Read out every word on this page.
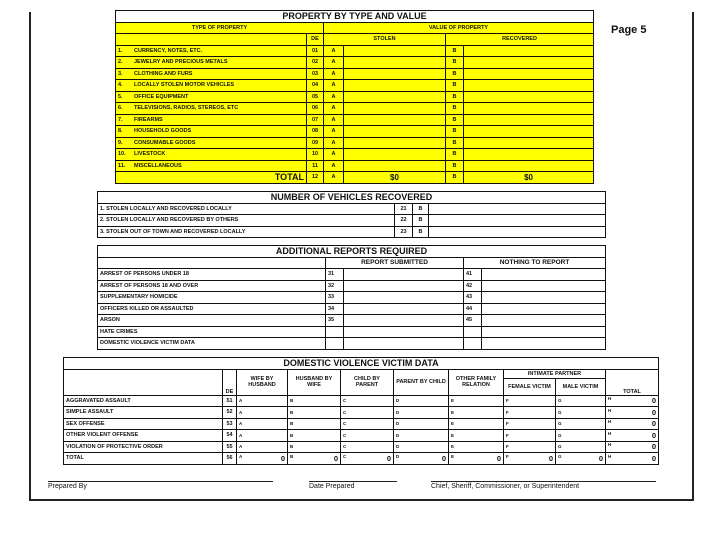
Page 5
PROPERTY BY TYPE AND VALUE					
TYPE OF PROPERTY		VALUE OF PROPERTY			
	DE	STOLEN		RECOVERED	
1. CURRENCY, NOTES, ETC.	01	A		B	
2. JEWELRY AND PRECIOUS METALS	02	A		B	
3. CLOTHING AND FURS	03	A		B	
4. LOCALLY STOLEN MOTOR VEHICLES	04	A		B	
5. OFFICE EQUIPMENT	05	A		B	
6. TELEVISIONS, RADIOS, STEREOS, ETC	06	A		B	
7. FIREARMS	07	A		B	
8. HOUSEHOLD GOODS	08	A		B	
9. CONSUMABLE GOODS	09	A		B	
10. LIVESTOCK	10	A		B	
11. MISCELLANEOUS	11	A		B	
TOTAL	12	A	$0	B	$0
NUMBER OF VEHICLES RECOVERED			
1. STOLEN LOCALLY AND RECOVERED LOCALLY	21	B	
2. STOLEN LOCALLY AND RECOVERED BY OTHERS	22	B	
3. STOLEN OUT OF TOWN AND RECOVERED LOCALLY	23	B	
ADDITIONAL REPORTS REQUIRED				
	REPORT SUBMITTED		NOTHING TO REPORT	
ARREST OF PERSONS UNDER 18	31		41	
ARREST OF PERSONS 18 AND OVER	32		42	
SUPPLEMENTARY HOMICIDE	33		43	
OFFICERS KILLED OR ASSAULTED	34		44	
ARSON	35		45	
HATE CRIMES				
DOMESTIC VIOLENCE VICTIM DATA				
DOMESTIC VIOLENCE VICTIM DATA									
	DE	WIFE BY HUSBAND	HUSBAND BY WIFE	CHILD BY PARENT	PARENT BY CHILD	OTHER FAMILY RELATION	INTIMATE PARTNER		TOTAL
							FEMALE VICTIM	MALE VICTIM	
AGGRAVATED ASSAULT	51	A	B	C	D	E	F	G	H 0

SIMPLE ASSAULT	52	A	B	C	D	E	F	G	H 0

SEX OFFENSE	53	A	B	C	D	E	F	G	H 0

OTHER VIOLENT OFFENSE	54	A	B	C	D	E	F	G	H 0

VIOLATION OF PROTECTIVE ORDER	55	A	B	C	D	E	F	G	H 0

TOTAL	56	A 0	B 0	C 0	D 0	E 0	F 0	G 0	H 0
Prepared By	Date Prepared	Chief, Sheriff, Commissioner, or Superintendent
